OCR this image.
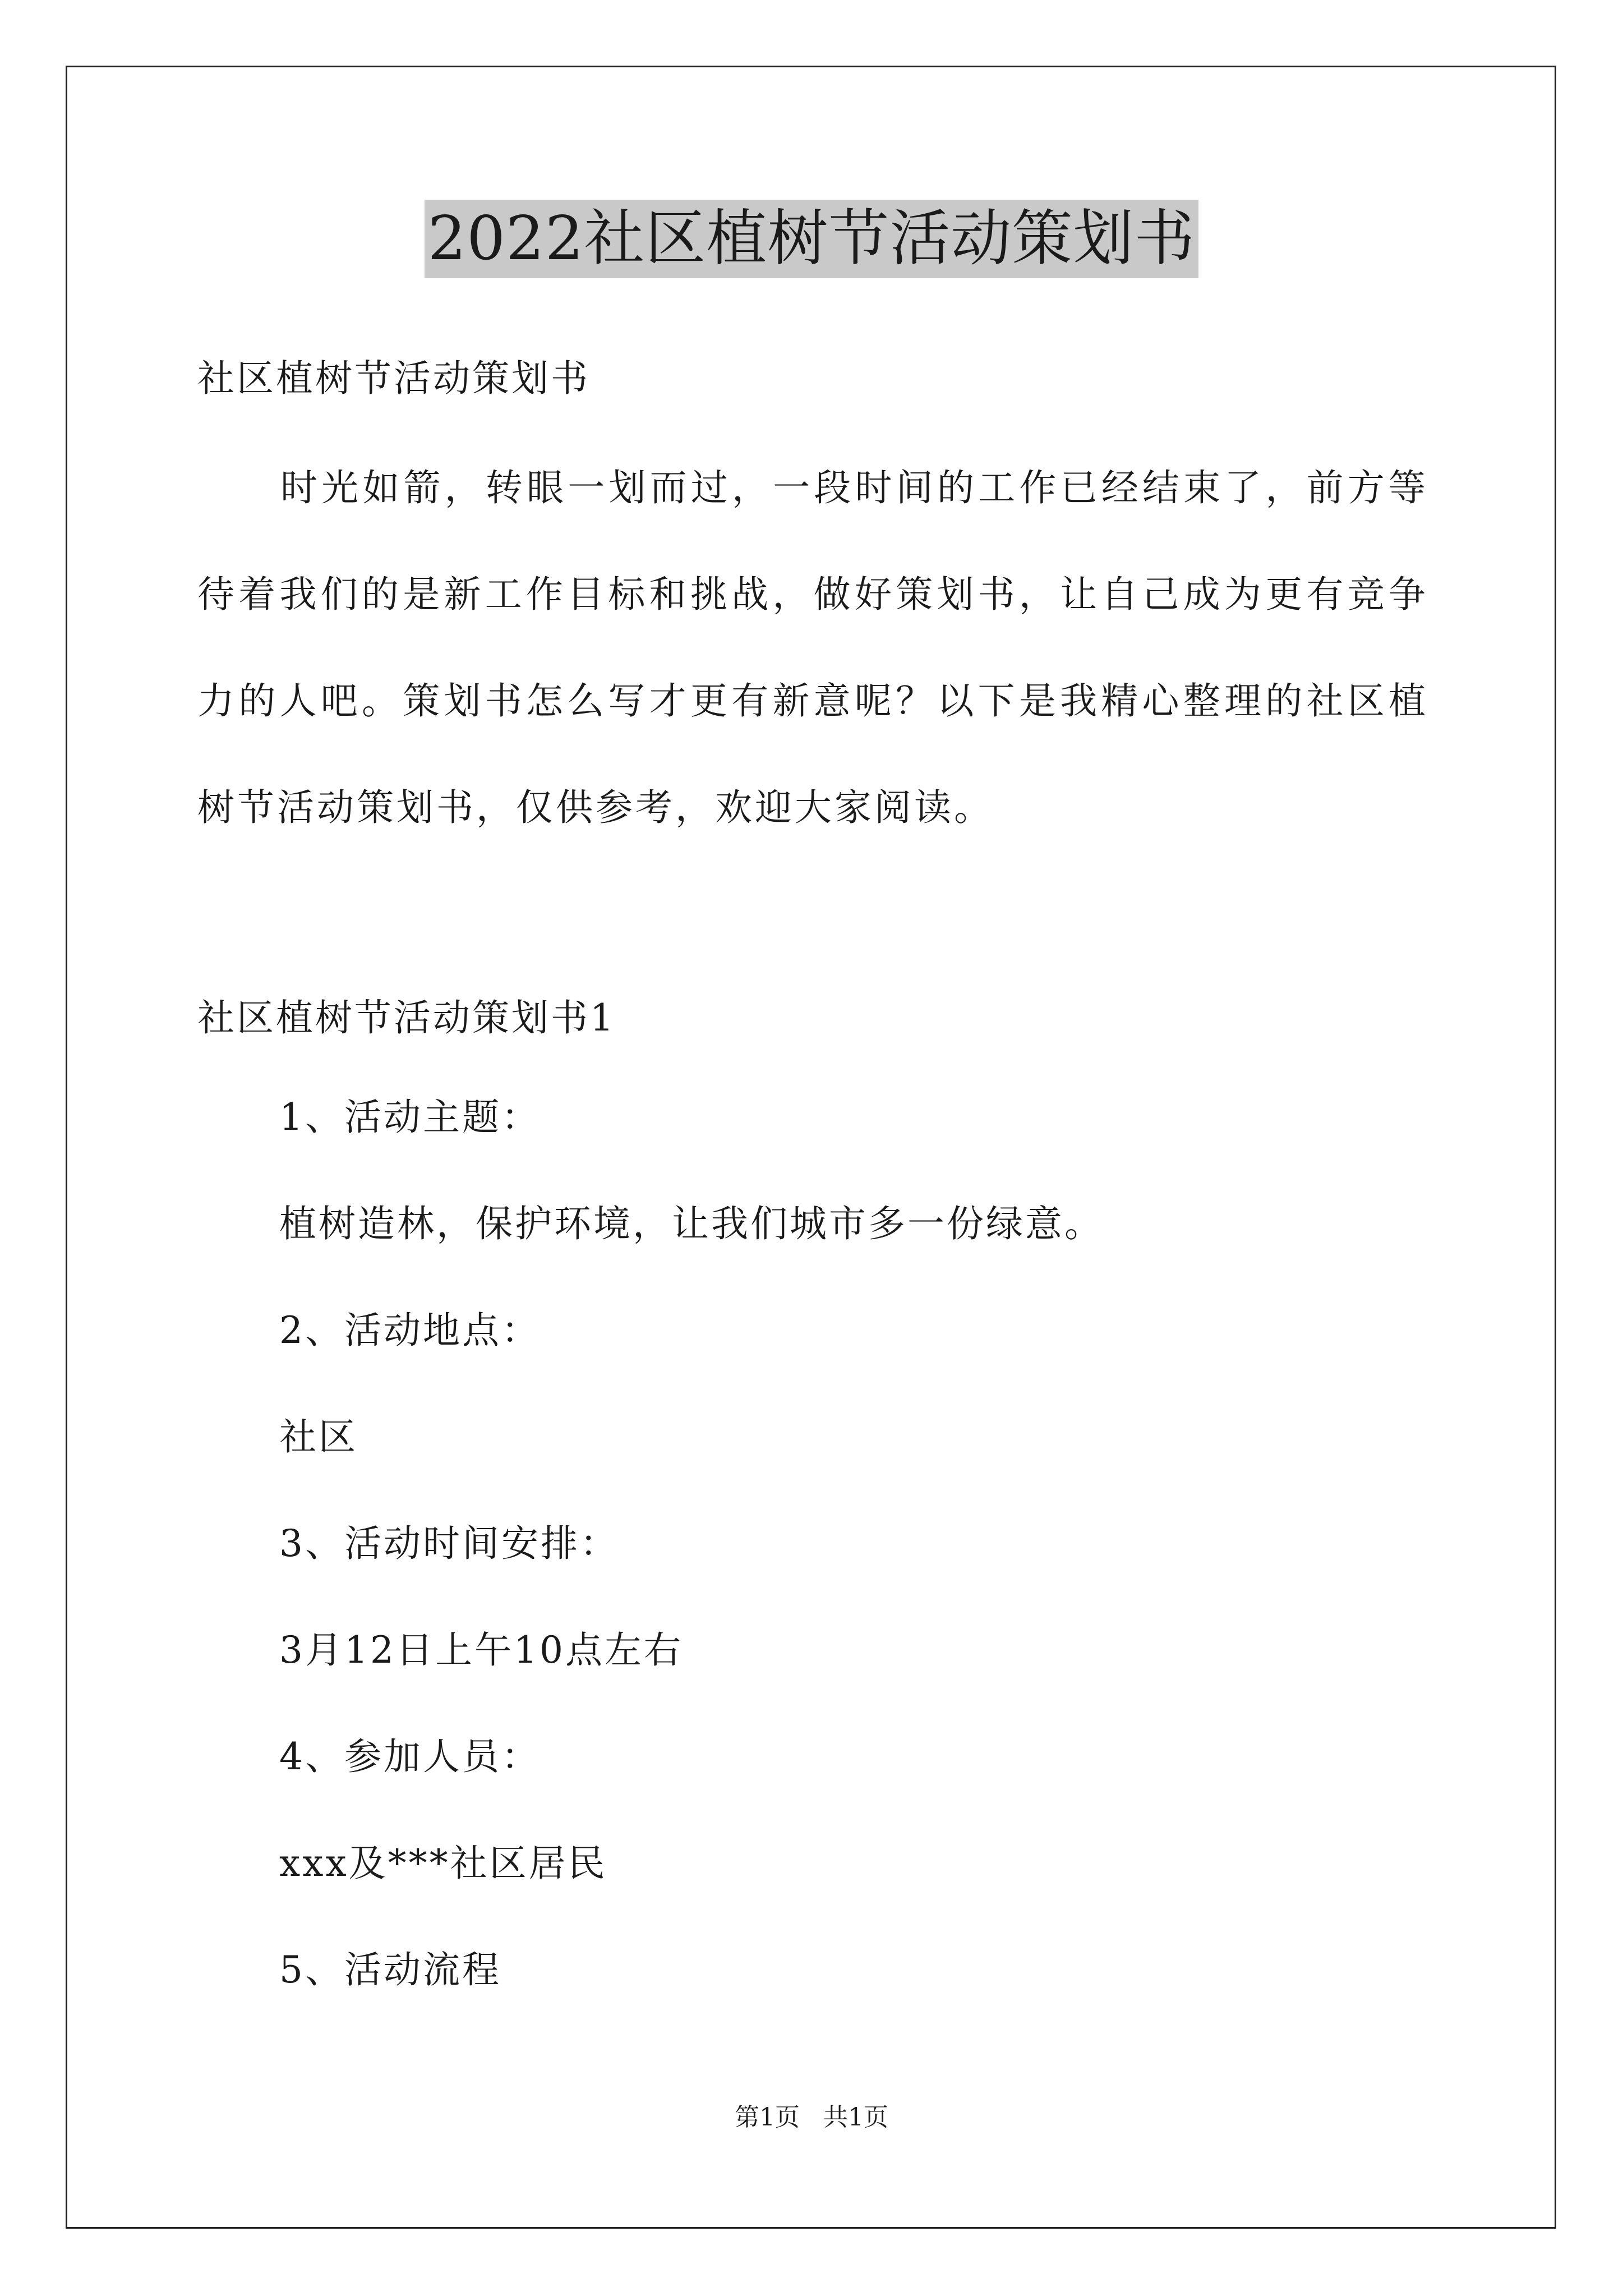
2022社区植树节活动策划书
社区植树节活动策划书
时光如箭，转眼一划而过，一段时间的工作已经结束了，前方等待着我们的是新工作目标和挑战，做好策划书，让自己成为更有竞争力的人吧。策划书怎么写才更有新意呢？以下是我精心整理的社区植树节活动策划书，仅供参考，欢迎大家阅读。
社区植树节活动策划书1
1、活动主题：
植树造林，保护环境，让我们城市多一份绿意。
2、活动地点：
社区
3、活动时间安排：
3月12日上午10点左右
4、参加人员：
xxx及***社区居民
5、活动流程
第1页   共1页
